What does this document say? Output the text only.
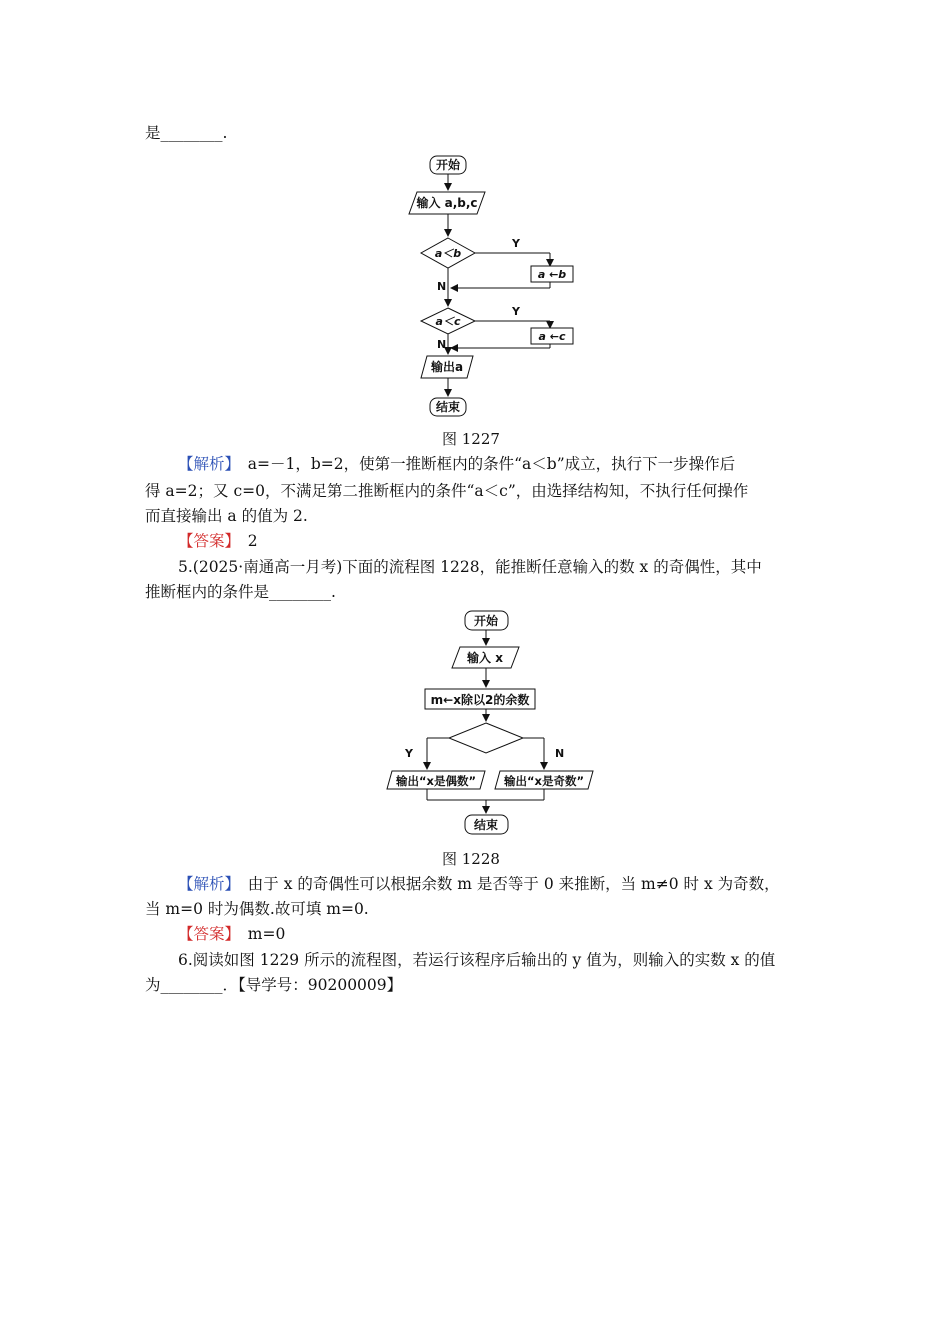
是________.
开始
输入 a,b,c
a＜b
a ←b
Y
N
a＜c
a ←c
Y
N
输出a
结束
图 1227
【解析】　a=－1，b=2，使第一推断框内的条件“a＜b”成立，执行下一步操作后
得 a=2；又 c=0，不满足第二推断框内的条件“a＜c”，由选择结构知，不执行任何操作
而直接输出 a 的值为 2.
【答案】　2
5.(2025·南通高一月考)下面的流程图 1228，能推断任意输入的数 x 的奇偶性，其中
推断框内的条件是________.
开始
输入 x
m←x除以2的余数
Y	N
输出“x是偶数” 输出“x是奇数”
结束
图 1228
【解析】　由于 x 的奇偶性可以根据余数 m 是否等于 0 来推断，当 m≠0 时 x 为奇数，
当 m=0 时为偶数.故可填 m=0.
【答案】　m=0
6.阅读如图 1229 所示的流程图，若运行该程序后输出的 y 值为，则输入的实数 x 的值
为________．【导学号：90200009】
